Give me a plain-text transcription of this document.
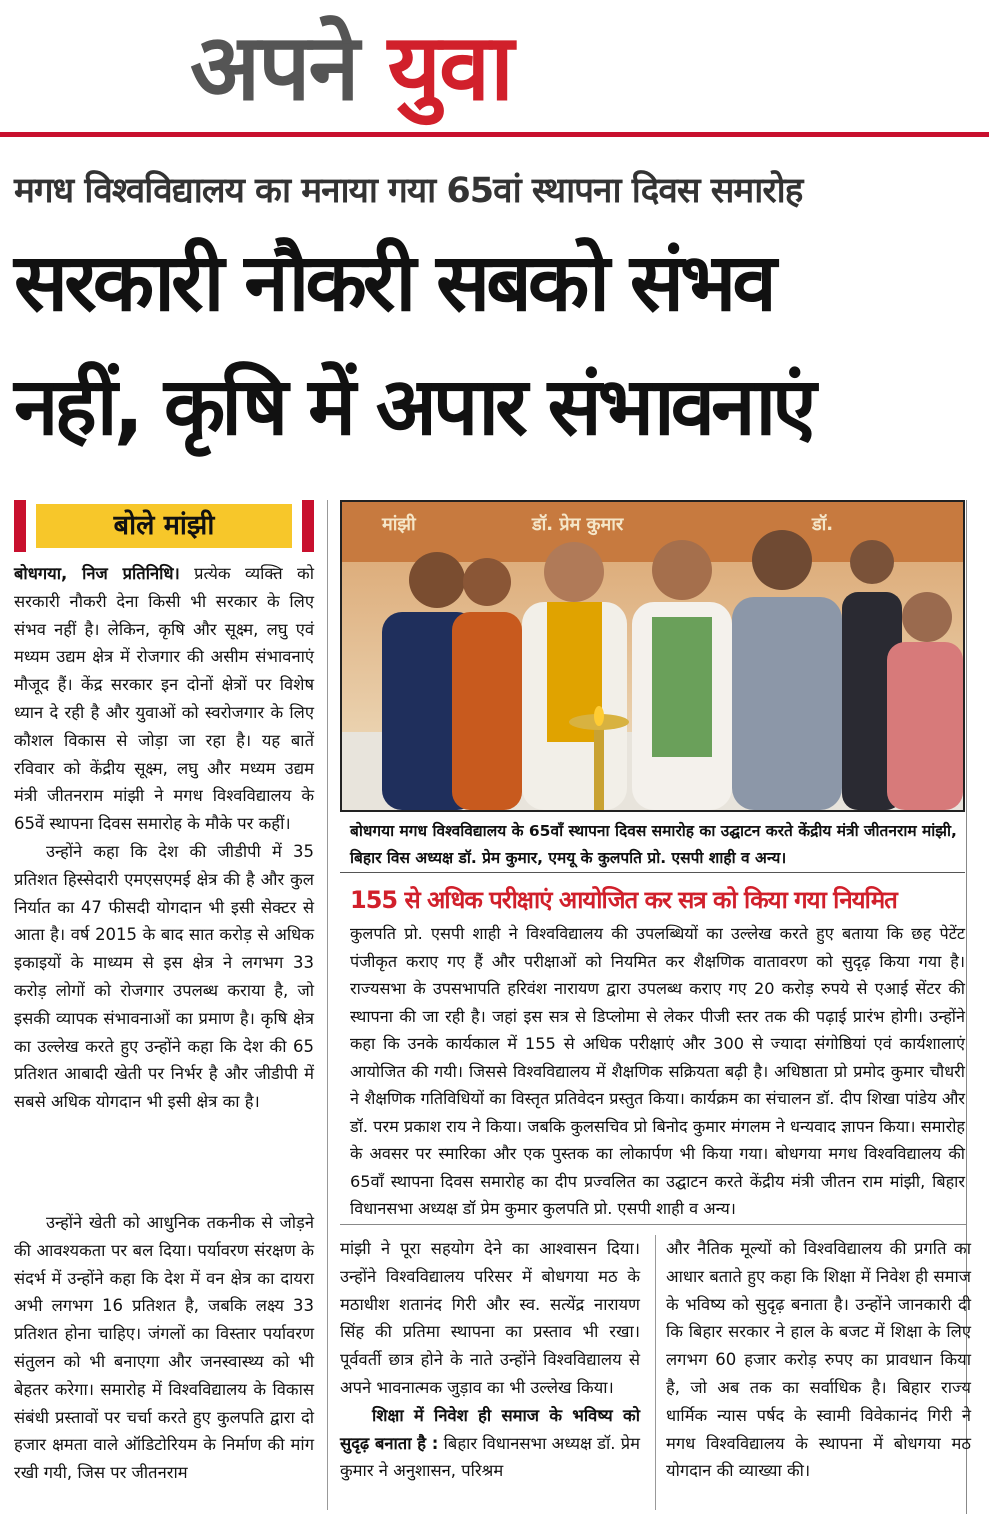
अपने युवा
मगध विश्वविद्यालय का मनाया गया 65वां स्थापना दिवस समारोह
सरकारी नौकरी सबको संभव
नहीं, कृषि में अपार संभावनाएं
बोले मांझी

बोधगया, निज प्रतिनिधि। प्रत्येक व्यक्ति को सरकारी नौकरी देना किसी भी सरकार के लिए संभव नहीं है। लेकिन, कृषि और सूक्ष्म, लघु एवं मध्यम उद्यम क्षेत्र में रोजगार की असीम संभावनाएं मौजूद हैं। केंद्र सरकार इन दोनों क्षेत्रों पर विशेष ध्यान दे रही है और युवाओं को स्वरोजगार के लिए कौशल विकास से जोड़ा जा रहा है। यह बातें रविवार को केंद्रीय सूक्ष्म, लघु और मध्यम उद्यम मंत्री जीतनराम मांझी ने मगध विश्वविद्यालय के 65वें स्थापना दिवस समारोह के मौके पर कहीं।

उन्होंने कहा कि देश की जीडीपी में 35 प्रतिशत हिस्सेदारी एमएसएमई क्षेत्र की है और कुल निर्यात का 47 फीसदी योगदान भी इसी सेक्टर से आता है। वर्ष 2015 के बाद सात करोड़ से अधिक इकाइयों के माध्यम से इस क्षेत्र ने लगभग 33 करोड़ लोगों को रोजगार उपलब्ध कराया है, जो इसकी व्यापक संभावनाओं का प्रमाण है। कृषि क्षेत्र का उल्लेख करते हुए उन्होंने कहा कि देश की 65 प्रतिशत आबादी खेती पर निर्भर है और जीडीपी में सबसे अधिक योगदान भी इसी क्षेत्र का है।

उन्होंने खेती को आधुनिक तकनीक से जोड़ने की आवश्यकता पर बल दिया। पर्यावरण संरक्षण के संदर्भ में उन्होंने कहा कि देश में वन क्षेत्र का दायरा अभी लगभग 16 प्रतिशत है, जबकि लक्ष्य 33 प्रतिशत होना चाहिए। जंगलों का विस्तार पर्यावरण संतुलन को भी बनाएगा और जनस्वास्थ्य को भी बेहतर करेगा। समारोह में विश्वविद्यालय के विकास संबंधी प्रस्तावों पर चर्चा करते हुए कुलपति द्वारा दो हजार क्षमता वाले ऑडिटोरियम के निर्माण की मांग रखी गयी, जिस पर जीतनराम

मांझी	डॉ. प्रेम कुमार	डॉ.
बोधगया मगध विश्वविद्यालय के 65वॉं स्थापना दिवस समारोह का उद्घाटन करते केंद्रीय मंत्री जीतनराम मांझी, बिहार विस अध्यक्ष डॉ. प्रेम कुमार, एमयू के कुलपति प्रो. एसपी शाही व अन्य।
155 से अधिक परीक्षाएं आयोजित कर सत्र को किया गया नियमित
कुलपति प्रो. एसपी शाही ने विश्वविद्यालय की उपलब्धियों का उल्लेख करते हुए बताया कि छह पेटेंट पंजीकृत कराए गए हैं और परीक्षाओं को नियमित कर शैक्षणिक वातावरण को सुदृढ़ किया गया है। राज्यसभा के उपसभापति हरिवंश नारायण द्वारा उपलब्ध कराए गए 20 करोड़ रुपये से एआई सेंटर की स्थापना की जा रही है। जहां इस सत्र से डिप्लोमा से लेकर पीजी स्तर तक की पढ़ाई प्रारंभ होगी। उन्होंने कहा कि उनके कार्यकाल में 155 से अधिक परीक्षाएं और 300 से ज्यादा संगोष्ठियां एवं कार्यशालाएं आयोजित की गयी। जिससे विश्वविद्यालय में शैक्षणिक सक्रियता बढ़ी है। अधिष्ठाता प्रो प्रमोद कुमार चौधरी ने शैक्षणिक गतिविधियों का विस्तृत प्रतिवेदन प्रस्तुत किया। कार्यक्रम का संचालन डॉ. दीप शिखा पांडेय और डॉ. परम प्रकाश राय ने किया। जबकि कुलसचिव प्रो बिनोद कुमार मंगलम ने धन्यवाद ज्ञापन किया। समारोह के अवसर पर स्मारिका और एक पुस्तक का लोकार्पण भी किया गया। बोधगया मगध विश्वविद्यालय की 65वॉं स्थापना दिवस समारोह का दीप प्रज्वलित का उद्घाटन करते केंद्रीय मंत्री जीतन राम मांझी, बिहार विधानसभा अध्यक्ष डॉ प्रेम कुमार कुलपति प्रो. एसपी शाही व अन्य।

मांझी ने पूरा सहयोग देने का आश्वासन दिया। उन्होंने विश्वविद्यालय परिसर में बोधगया मठ के मठाधीश शतानंद गिरी और स्व. सत्येंद्र नारायण सिंह की प्रतिमा स्थापना का प्रस्ताव भी रखा। पूर्ववर्ती छात्र होने के नाते उन्होंने विश्वविद्यालय से अपने भावनात्मक जुड़ाव का भी उल्लेख किया।

शिक्षा में निवेश ही समाज के भविष्य को सुदृढ़ बनाता है : बिहार विधानसभा अध्यक्ष डॉ. प्रेम कुमार ने अनुशासन, परिश्रम

और नैतिक मूल्यों को विश्वविद्यालय की प्रगति का आधार बताते हुए कहा कि शिक्षा में निवेश ही समाज के भविष्य को सुदृढ़ बनाता है। उन्होंने जानकारी दी कि बिहार सरकार ने हाल के बजट में शिक्षा के लिए लगभग 60 हजार करोड़ रुपए का प्रावधान किया है, जो अब तक का सर्वाधिक है। बिहार राज्य धार्मिक न्यास पर्षद के स्वामी विवेकानंद गिरी ने मगध विश्वविद्यालय के स्थापना में बोधगया मठ योगदान की व्याख्या की।
